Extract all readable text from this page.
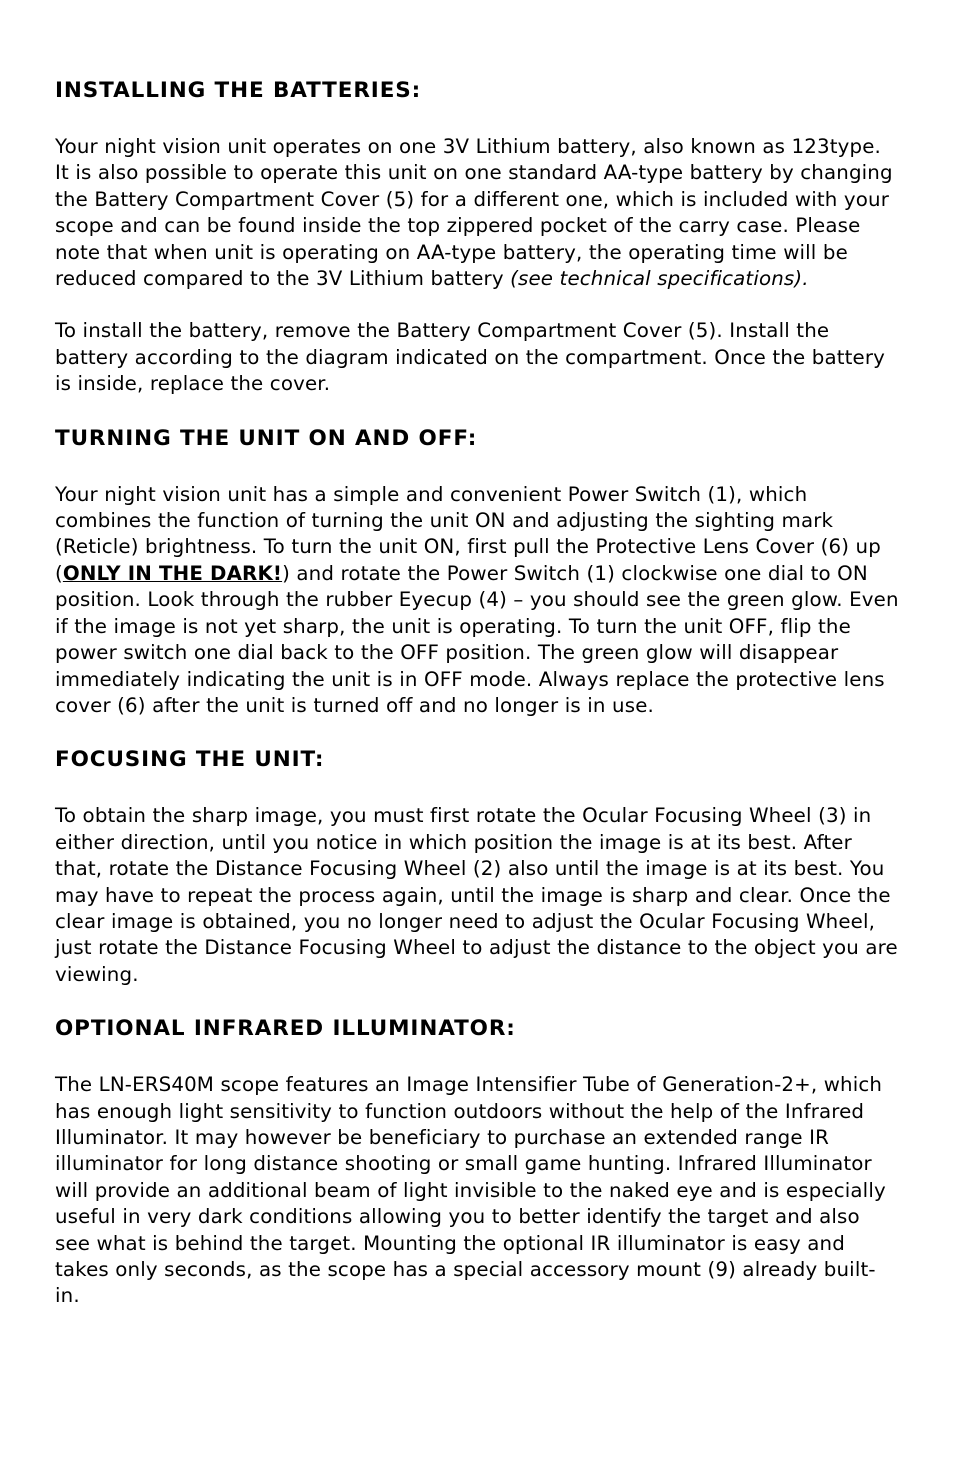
INSTALLING THE BATTERIES:

Your night vision unit operates on one 3V Lithium battery, also known as 123type. It is also possible to operate this unit on one standard AA-type battery by changing the Battery Compartment Cover (5) for a different one, which is included with your scope and can be found inside the top zippered pocket of the carry case. Please note that when unit is operating on AA-type battery, the operating time will be reduced compared to the 3V Lithium battery (see technical specifications).

To install the battery, remove the Battery Compartment Cover (5). Install the battery according to the diagram indicated on the compartment. Once the battery is inside, replace the cover.

TURNING THE UNIT ON AND OFF:

Your night vision unit has a simple and convenient Power Switch (1), which combines the function of turning the unit ON and adjusting the sighting mark (Reticle) brightness. To turn the unit ON, first pull the Protective Lens Cover (6) up (ONLY IN THE DARK!) and rotate the Power Switch (1) clockwise one dial to ON position. Look through the rubber Eyecup (4) – you should see the green glow. Even if the image is not yet sharp, the unit is operating. To turn the unit OFF, flip the power switch one dial back to the OFF position. The green glow will disappear immediately indicating the unit is in OFF mode. Always replace the protective lens cover (6) after the unit is turned off and no longer is in use.

FOCUSING THE UNIT:

To obtain the sharp image, you must first rotate the Ocular Focusing Wheel (3) in either direction, until you notice in which position the image is at its best. After that, rotate the Distance Focusing Wheel (2) also until the image is at its best. You may have to repeat the process again, until the image is sharp and clear. Once the clear image is obtained, you no longer need to adjust the Ocular Focusing Wheel, just rotate the Distance Focusing Wheel to adjust the distance to the object you are viewing.

OPTIONAL INFRARED ILLUMINATOR:

The LN-ERS40M scope features an Image Intensifier Tube of Generation-2+, which has enough light sensitivity to function outdoors without the help of the Infrared Illuminator. It may however be beneficiary to purchase an extended range IR illuminator for long distance shooting or small game hunting. Infrared Illuminator will provide an additional beam of light invisible to the naked eye and is especially useful in very dark conditions allowing you to better identify the target and also see what is behind the target. Mounting the optional IR illuminator is easy and takes only seconds, as the scope has a special accessory mount (9) already built-in.
